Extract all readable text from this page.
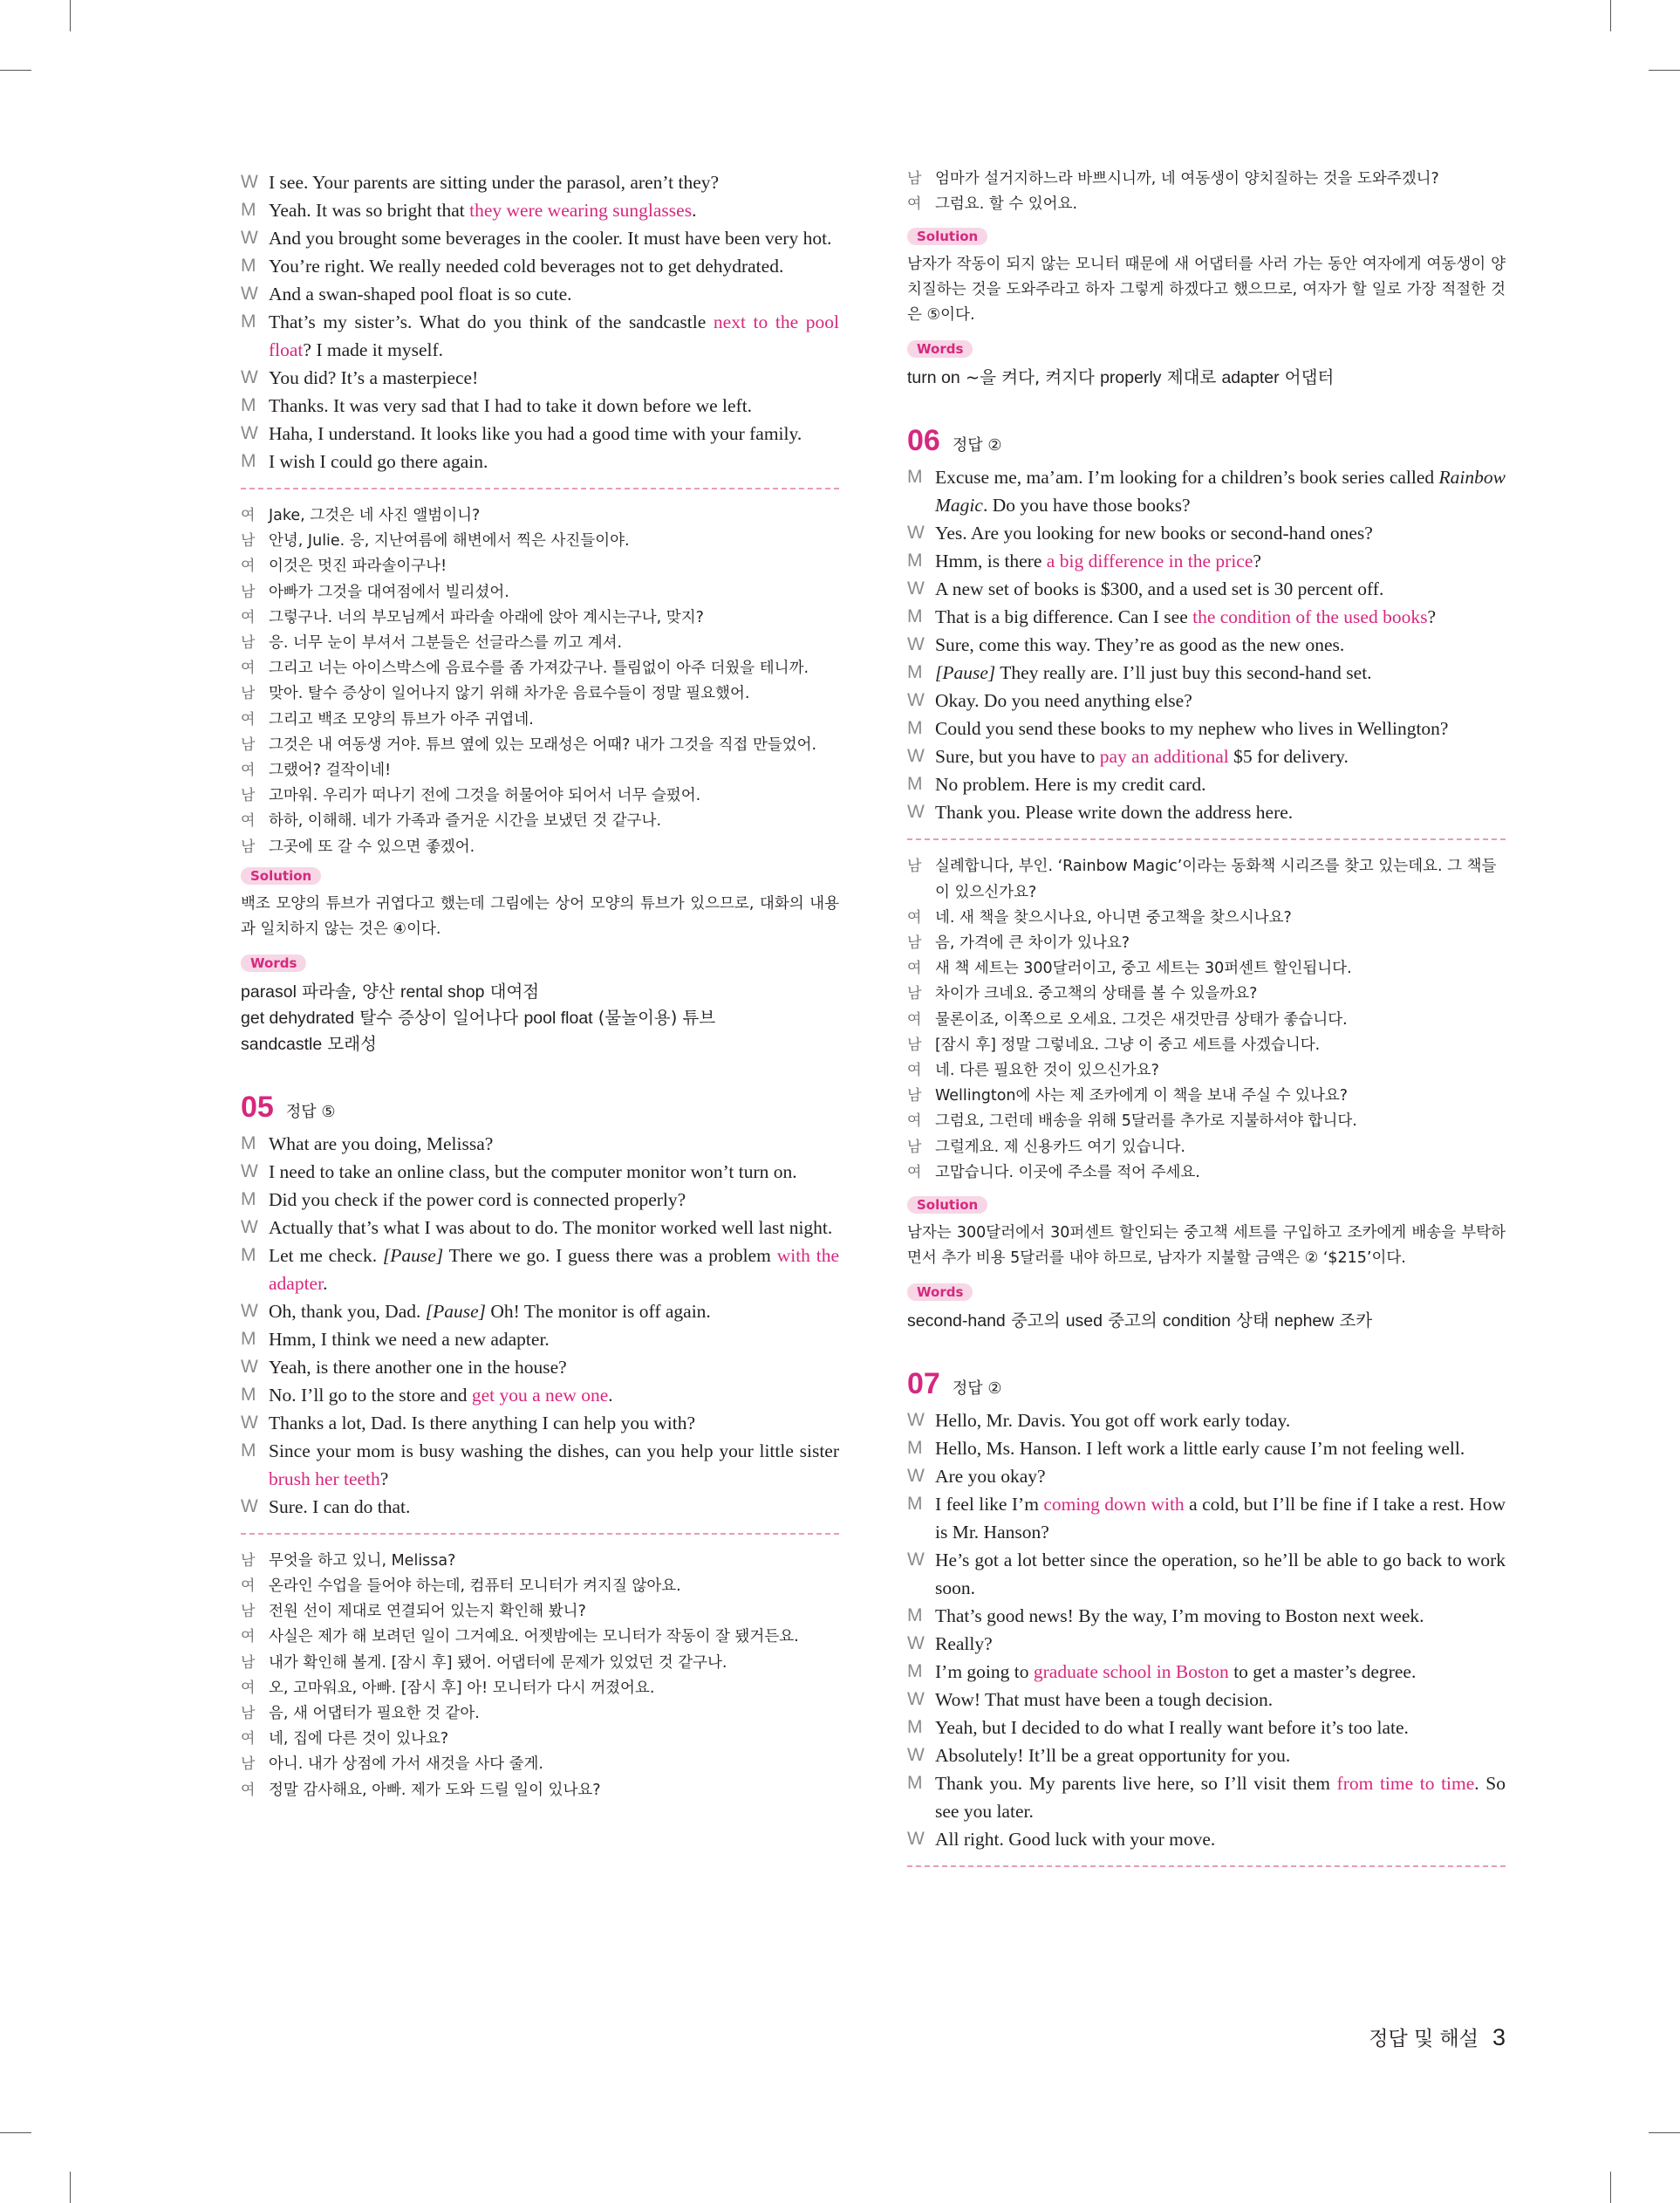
W I see. Your parents are sitting under the parasol, aren’t they?
M Yeah. It was so bright that they were wearing sunglasses.
W And you brought some beverages in the cooler. It must have been very hot.
M You’re right. We really needed cold beverages not to get dehydrated.
W And a swan-shaped pool float is so cute.
M That’s my sister’s. What do you think of the sandcastle next to the pool float? I made it myself.
W You did? It’s a masterpiece!
M Thanks. It was very sad that I had to take it down before we left.
W Haha, I understand. It looks like you had a good time with your family.
M I wish I could go there again.
여 Jake, 그것은 네 사진 앨범이니?
남 안녕, Julie. 응, 지난여름에 해변에서 찍은 사진들이야.
여 이것은 멋진 파라솔이구나!
남 아빠가 그것을 대여점에서 빌리셨어.
여 그렇구나. 너의 부모님께서 파라솔 아래에 앉아 계시는구나, 맞지?
남 응. 너무 눈이 부셔서 그분들은 선글라스를 끼고 계셔.
여 그리고 너는 아이스박스에 음료수를 좀 가져갔구나. 틀림없이 아주 더웠을 테니까.
남 맞아. 탈수 증상이 일어나지 않기 위해 차가운 음료수들이 정말 필요했어.
여 그리고 백조 모양의 튜브가 아주 귀엽네.
남 그것은 내 여동생 거야. 튜브 옆에 있는 모래성은 어때? 내가 그것을 직접 만들었어.
여 그랬어? 걸작이네!
남 고마워. 우리가 떠나기 전에 그것을 허물어야 되어서 너무 슬펐어.
여 하하, 이해해. 네가 가족과 즐거운 시간을 보냈던 것 같구나.
남 그곳에 또 갈 수 있으면 좋겠어.
Solution
백조 모양의 튜브가 귀엽다고 했는데 그림에는 상어 모양의 튜브가 있으므로, 대화의 내용과 일치하지 않는 것은 ④이다.
Words
parasol 파라솔, 양산 rental shop 대여점
get dehydrated 탈수 증상이 일어나다 pool float (물놀이용) 튜브
sandcastle 모래성
05 정답 ⑤
M What are you doing, Melissa?
W I need to take an online class, but the computer monitor won’t turn on.
M Did you check if the power cord is connected properly?
W Actually that’s what I was about to do. The monitor worked well last night.
M Let me check. [Pause] There we go. I guess there was a problem with the adapter.
W Oh, thank you, Dad. [Pause] Oh! The monitor is off again.
M Hmm, I think we need a new adapter.
W Yeah, is there another one in the house?
M No. I’ll go to the store and get you a new one.
W Thanks a lot, Dad. Is there anything I can help you with?
M Since your mom is busy washing the dishes, can you help your little sister brush her teeth?
W Sure. I can do that.
남 무엇을 하고 있니, Melissa?
여 온라인 수업을 들어야 하는데, 컴퓨터 모니터가 켜지질 않아요.
남 전원 선이 제대로 연결되어 있는지 확인해 봤니?
여 사실은 제가 해 보려던 일이 그거예요. 어젯밤에는 모니터가 작동이 잘 됐거든요.
남 내가 확인해 볼게. [잠시 후] 됐어. 어댑터에 문제가 있었던 것 같구나.
여 오, 고마워요, 아빠. [잠시 후] 아! 모니터가 다시 꺼졌어요.
남 음, 새 어댑터가 필요한 것 같아.
여 네, 집에 다른 것이 있나요?
남 아니. 내가 상점에 가서 새것을 사다 줄게.
여 정말 감사해요, 아빠. 제가 도와 드릴 일이 있나요?
남 엄마가 설거지하느라 바쁘시니까, 네 여동생이 양치질하는 것을 도와주겠니?
여 그럼요. 할 수 있어요.
Solution
남자가 작동이 되지 않는 모니터 때문에 새 어댑터를 사러 가는 동안 여자에게 여동생이 양치질하는 것을 도와주라고 하자 그렇게 하겠다고 했으므로, 여자가 할 일로 가장 적절한 것은 ⑤이다.
Words
turn on ~을 켜다, 켜지다 properly 제대로 adapter 어댑터
06 정답 ②
M Excuse me, ma’am. I’m looking for a children’s book series called Rainbow Magic. Do you have those books?
W Yes. Are you looking for new books or second-hand ones?
M Hmm, is there a big difference in the price?
W A new set of books is $300, and a used set is 30 percent off.
M That is a big difference. Can I see the condition of the used books?
W Sure, come this way. They’re as good as the new ones.
M [Pause] They really are. I’ll just buy this second-hand set.
W Okay. Do you need anything else?
M Could you send these books to my nephew who lives in Wellington?
W Sure, but you have to pay an additional $5 for delivery.
M No problem. Here is my credit card.
W Thank you. Please write down the address here.
남 실례합니다, 부인. ‘Rainbow Magic’이라는 동화책 시리즈를 찾고 있는데요. 그 책들이 있으신가요?
여 네. 새 책을 찾으시나요, 아니면 중고책을 찾으시나요?
남 음, 가격에 큰 차이가 있나요?
여 새 책 세트는 300달러이고, 중고 세트는 30퍼센트 할인됩니다.
남 차이가 크네요. 중고책의 상태를 볼 수 있을까요?
여 물론이죠, 이쪽으로 오세요. 그것은 새것만큼 상태가 좋습니다.
남 [잠시 후] 정말 그렇네요. 그냥 이 중고 세트를 사겠습니다.
여 네. 다른 필요한 것이 있으신가요?
남 Wellington에 사는 제 조카에게 이 책을 보내 주실 수 있나요?
여 그럼요, 그런데 배송을 위해 5달러를 추가로 지불하셔야 합니다.
남 그럴게요. 제 신용카드 여기 있습니다.
여 고맙습니다. 이곳에 주소를 적어 주세요.
Solution
남자는 300달러에서 30퍼센트 할인되는 중고책 세트를 구입하고 조카에게 배송을 부탁하면서 추가 비용 5달러를 내야 하므로, 남자가 지불할 금액은 ② ‘$215’이다.
Words
second-hand 중고의 used 중고의 condition 상태 nephew 조카
07 정답 ②
W Hello, Mr. Davis. You got off work early today.
M Hello, Ms. Hanson. I left work a little early cause I’m not feeling well.
W Are you okay?
M I feel like I’m coming down with a cold, but I’ll be fine if I take a rest. How is Mr. Hanson?
W He’s got a lot better since the operation, so he’ll be able to go back to work soon.
M That’s good news! By the way, I’m moving to Boston next week.
W Really?
M I’m going to graduate school in Boston to get a master’s degree.
W Wow! That must have been a tough decision.
M Yeah, but I decided to do what I really want before it’s too late.
W Absolutely! It’ll be a great opportunity for you.
M Thank you. My parents live here, so I’ll visit them from time to time. So see you later.
W All right. Good luck with your move.
정답 및 해설 3
